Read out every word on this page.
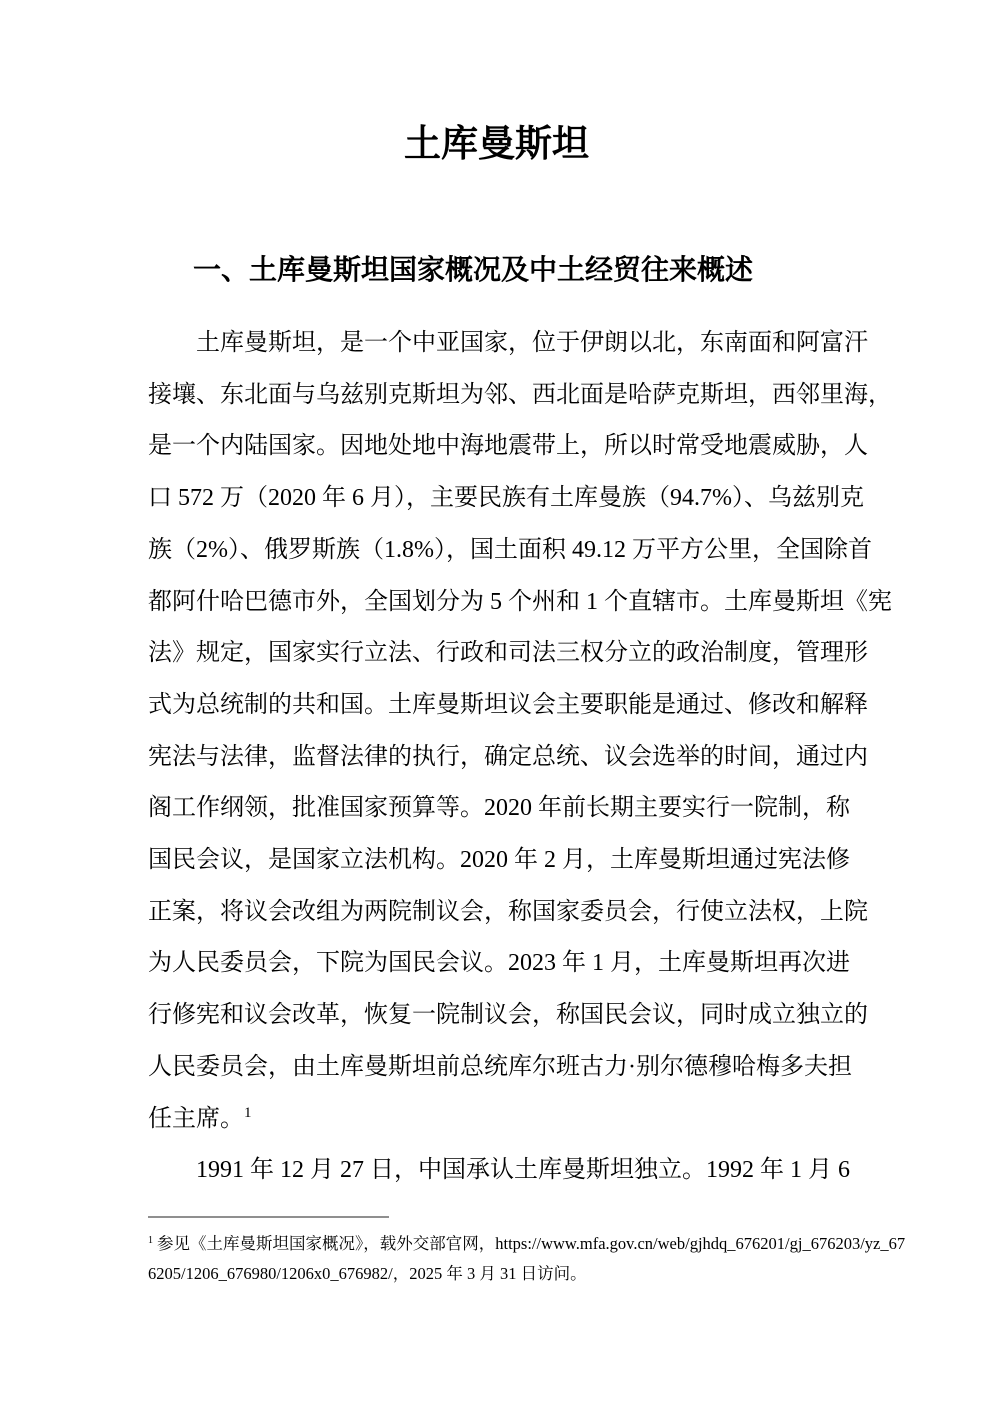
土库曼斯坦
一、土库曼斯坦国家概况及中土经贸往来概述
土库曼斯坦，是一个中亚国家，位于伊朗以北，东南面和阿富汗
接壤、东北面与乌兹别克斯坦为邻、西北面是哈萨克斯坦，西邻里海，
是一个内陆国家。因地处地中海地震带上，所以时常受地震威胁，人
口 572 万（2020 年 6 月），主要民族有土库曼族（94.7%）、乌兹别克
族（2%）、俄罗斯族（1.8%），国土面积 49.12 万平方公里，全国除首
都阿什哈巴德市外，全国划分为 5 个州和 1 个直辖市。土库曼斯坦《宪
法》规定，国家实行立法、行政和司法三权分立的政治制度，管理形
式为总统制的共和国。土库曼斯坦议会主要职能是通过、修改和解释
宪法与法律，监督法律的执行，确定总统、议会选举的时间，通过内
阁工作纲领，批准国家预算等。2020 年前长期主要实行一院制，称
国民会议，是国家立法机构。2020 年 2 月，土库曼斯坦通过宪法修
正案，将议会改组为两院制议会，称国家委员会，行使立法权，上院
为人民委员会，下院为国民会议。2023 年 1 月，土库曼斯坦再次进
行修宪和议会改革，恢复一院制议会，称国民会议，同时成立独立的
人民委员会，由土库曼斯坦前总统库尔班古力·别尔德穆哈梅多夫担
任主席。$^1$
1991 年 12 月 27 日，中国承认土库曼斯坦独立。1992 年 1 月 6
$^1$ 参见《土库曼斯坦国家概况》，载外交部官网，https://www.mfa.gov.cn/web/gjhdq_676201/gj_676203/yz_67
6205/1206_676980/1206x0_676982/，2025 年 3 月 31 日访问。
